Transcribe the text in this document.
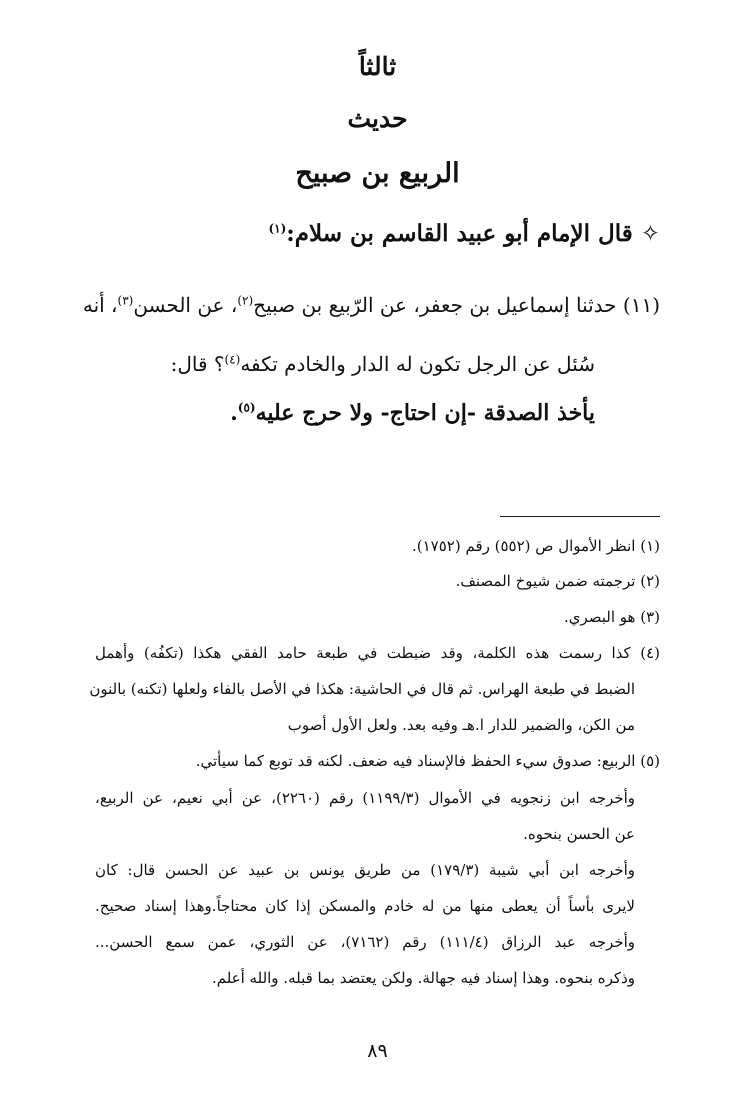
ثالثاً
حديث
الربيع بن صبيح
✧قال الإمام أبو عبيد القاسم بن سلام:$^{(١)}$
(١١) حدثنا إسماعيل بن جعفر، عن الرّبيع بن صبيح$^{(٢)}$، عن الحسن$^{(٣)}$، أنه
سُئل عن الرجل تكون له الدار والخادم تكفه$^{(٤)}$؟ قال:
يأخذ الصدقة -إن احتاج- ولا حرج عليه$^{(٥)}$.
(١) انظر الأموال ص (٥٥٢) رقم (١٧٥٢).
(٢) ترجمته ضمن شيوخ المصنف.
(٣) هو البصري.
(٤) كذا رسمت هذه الكلمة، وقد ضبطت في طبعة حامد الفقي هكذا (تكفُه) وأهمل
الضبط في طبعة الهراس. ثم قال في الحاشية: هكذا في الأصل بالفاء ولعلها (تكنه) بالنون
من الكن، والضمير للدار ا.هـ وفيه بعد. ولعل الأول أصوب
(٥) الربيع: صدوق سيء الحفظ فالإسناد فيه ضعف. لكنه قد توبع كما سيأتي.
وأخرجه ابن زنجويه في الأموال (١١٩٩/٣) رقم (٢٢٦٠)، عن أبي نعيم، عن الربيع،
عن الحسن بنحوه.
وأخرجه ابن أبي شيبة (١٧٩/٣) من طريق يونس بن عبيد عن الحسن قال: كان
لايرى بأساً أن يعطى منها من له خادم والمسكن إذا كان محتاجاً.وهذا إسناد صحيح.
وأخرجه عبد الرزاق (١١١/٤) رقم (٧١٦٢)، عن الثوري، عمن سمع الحسن...
وذكره بنحوه. وهذا إسناد فيه جهالة. ولكن يعتضد بما قبله. والله أعلم.
٨٩
